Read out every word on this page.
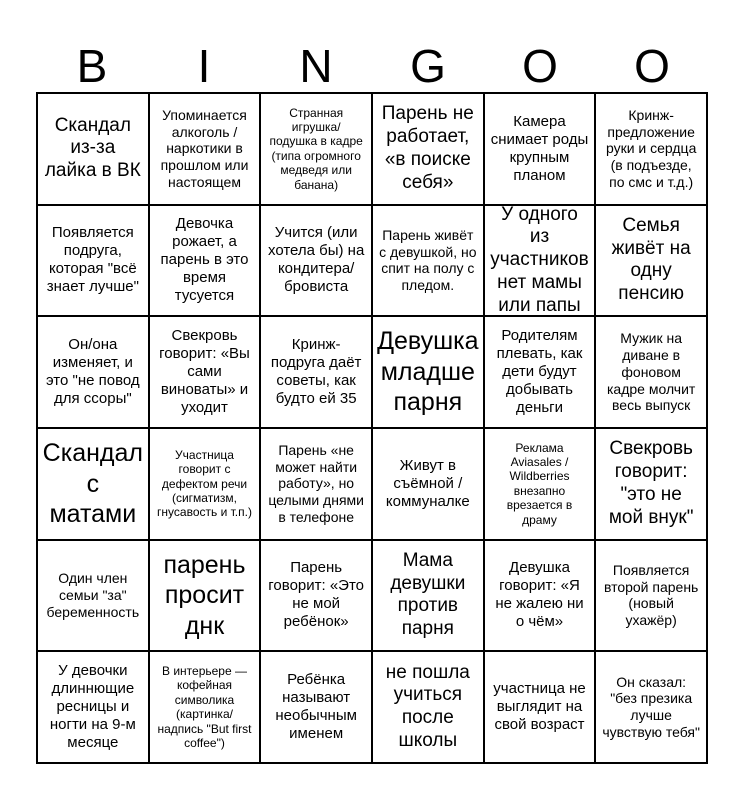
B	I	N	G	O	O
Скандал из-за лайка в ВК
Упоминается алкоголь / наркотики в прошлом или настоящем
Странная игрушка/ подушка в кадре (типа огромного медведя или банана)
Парень не работает, «в поиске себя»
Камера снимает роды крупным планом
Кринж-предложение руки и сердца (в подъезде, по смс и т.д.)
Появляется подруга, которая "всё знает лучше"
Девочка рожает, а парень в это время тусуется
Учится (или хотела бы) на кондитера/ бровиста
Парень живёт с девушкой, но спит на полу с пледом.
У одного из участников нет мамы или папы
Семья живёт на одну пенсию
Он/она изменяет, и это "не повод для ссоры"
Свекровь говорит: «Вы сами виноваты» и уходит
Кринж-подруга даёт советы, как будто ей 35
Девушка младше парня
Родителям плевать, как дети будут добывать деньги
Мужик на диване в фоновом кадре молчит весь выпуск
Скандал с матами
Участница говорит с дефектом речи (сигматизм, гнусавость и т.п.)
Парень «не может найти работу», но целыми днями в телефоне
Живут в съёмной / коммуналке
Реклама Aviasales / Wildberries внезапно врезается в драму
Свекровь говорит: "это не мой внук"
Один член семьи "за" беременность
парень просит днк
Парень говорит: «Это не мой ребёнок»
Мама девушки против парня
Девушка говорит: «Я не жалею ни о чём»
Появляется второй парень (новый ухажёр)
У девочки длиннющие ресницы и ногти на 9-м месяце
В интерьере — кофейная символика (картинка/ надпись "But first coffee")
Ребёнка называют необычным именем
не пошла учиться после школы
участница не выглядит на свой возраст
Он сказал: "без презика лучше чувствую тебя"
